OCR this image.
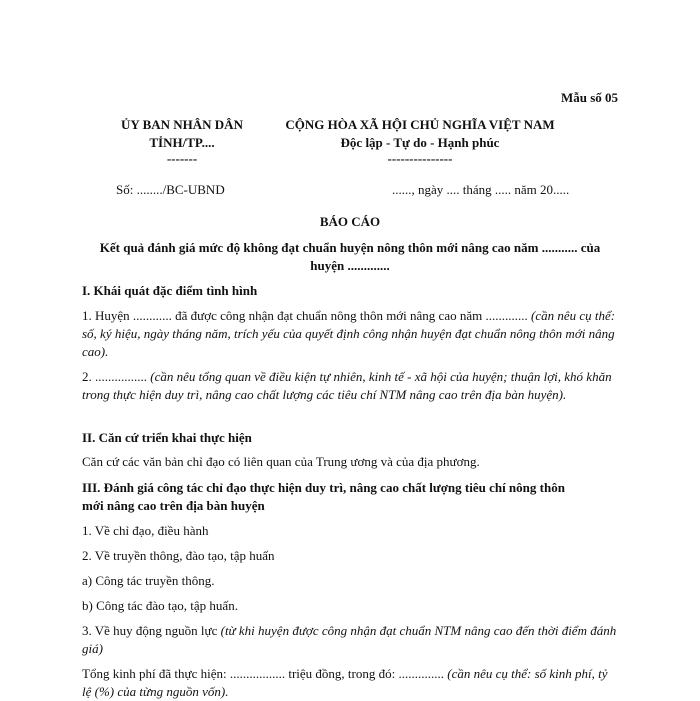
Mẫu số 05
ỦY BAN NHÂN DÂN
TỈNH/TP....
-------
CỘNG HÒA XÃ HỘI CHỦ NGHĨA VIỆT NAM
Độc lập - Tự do - Hạnh phúc
---------------
Số: ......../BC-UBND	......, ngày .... tháng ..... năm 20.....
BÁO CÁO
Kết quả đánh giá mức độ không đạt chuẩn huyện nông thôn mới nâng cao năm ........... của
huyện .............
I. Khái quát đặc điểm tình hình
1. Huyện ............ đã được công nhận đạt chuẩn nông thôn mới nâng cao năm ............. (cần nêu cụ thể: số, ký hiệu, ngày tháng năm, trích yếu của quyết định công nhận huyện đạt chuẩn nông thôn mới nâng cao).
2. ................ (cần nêu tổng quan về điều kiện tự nhiên, kinh tế - xã hội của huyện; thuận lợi, khó khăn trong thực hiện duy trì, nâng cao chất lượng các tiêu chí NTM nâng cao trên địa bàn huyện).
II. Căn cứ triển khai thực hiện
Căn cứ các văn bản chỉ đạo có liên quan của Trung ương và của địa phương.
III. Đánh giá công tác chỉ đạo thực hiện duy trì, nâng cao chất lượng tiêu chí nông thôn
mới nâng cao trên địa bàn huyện
1. Về chỉ đạo, điều hành
2. Về truyền thông, đào tạo, tập huấn
a) Công tác truyền thông.
b) Công tác đào tạo, tập huấn.
3. Về huy động nguồn lực (từ khi huyện được công nhận đạt chuẩn NTM nâng cao đến thời điểm đánh giá)
Tổng kinh phí đã thực hiện: ................. triệu đồng, trong đó: .............. (cần nêu cụ thể: số kinh phí, tỷ lệ (%) của từng nguồn vốn).
